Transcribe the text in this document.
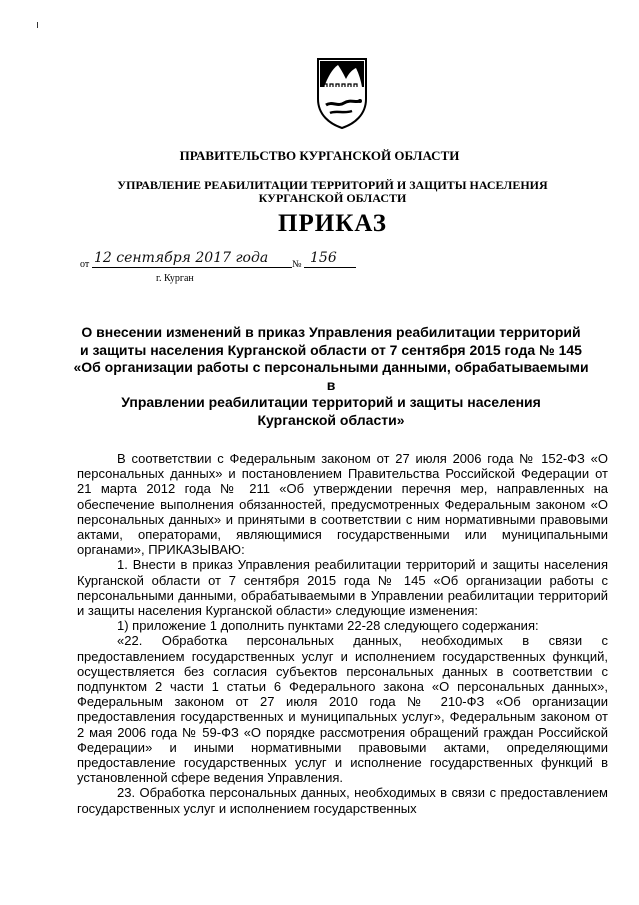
ПРАВИТЕЛЬСТВО КУРГАНСКОЙ ОБЛАСТИ
УПРАВЛЕНИЕ РЕАБИЛИТАЦИИ ТЕРРИТОРИЙ И ЗАЩИТЫ НАСЕЛЕНИЯ
КУРГАНСКОЙ ОБЛАСТИ
ПРИКАЗ
от 12 сентября 2017 года № 156
г. Курган
О внесении изменений в приказ Управления реабилитации территорий
и защиты населения Курганской области от 7 сентября 2015 года № 145
«Об организации работы с персональными данными, обрабатываемыми в
Управлении реабилитации территорий и защиты населения
Курганской области»

В соответствии с Федеральным законом от 27 июля 2006 года № 152-ФЗ «О персональных данных» и постановлением Правительства Российской Федерации от 21 марта 2012 года № 211 «Об утверждении перечня мер, направленных на обеспечение выполнения обязанностей, предусмотренных Федеральным законом «О персональных данных» и принятыми в соответствии с ним нормативными правовыми актами, операторами, являющимися государственными или муниципальными органами», ПРИКАЗЫВАЮ:

1. Внести в приказ Управления реабилитации территорий и защиты населения Курганской области от 7 сентября 2015 года № 145 «Об организации работы с персональными данными, обрабатываемыми в Управлении реабилитации территорий и защиты населения Курганской области» следующие изменения:

1) приложение 1 дополнить пунктами 22-28 следующего содержания:

«22. Обработка персональных данных, необходимых в связи с предоставлением государственных услуг и исполнением государственных функций, осуществляется без согласия субъектов персональных данных в соответствии с подпунктом 2 части 1 статьи 6 Федерального закона «О персональных данных», Федеральным законом от 27 июля 2010 года № 210-ФЗ «Об организации предоставления государственных и муниципальных услуг», Федеральным законом от 2 мая 2006 года № 59-ФЗ «О порядке рассмотрения обращений граждан Российской Федерации» и иными нормативными правовыми актами, определяющими предоставление государственных услуг и исполнение государственных функций в установленной сфере ведения Управления.

23. Обработка персональных данных, необходимых в связи с предоставлением государственных услуг и исполнением государственных
